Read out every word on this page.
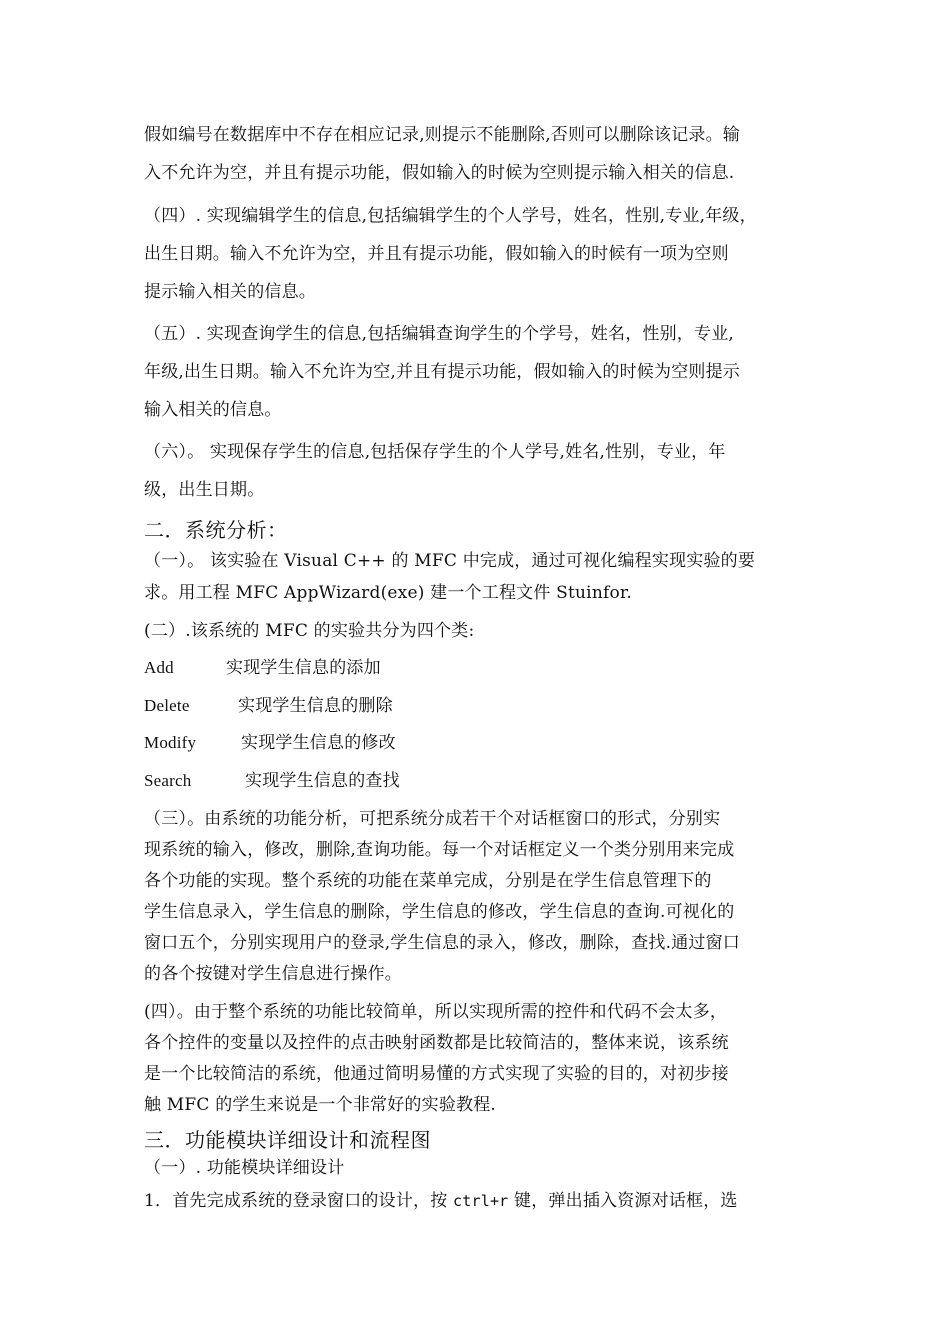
假如编号在数据库中不存在相应记录,则提示不能删除,否则可以删除该记录。输
入不允许为空，并且有提示功能，假如输入的时候为空则提示输入相关的信息.
（四）. 实现编辑学生的信息,包括编辑学生的个人学号，姓名，性别,专业,年级，
出生日期。输入不允许为空，并且有提示功能，假如输入的时候有一项为空则
提示输入相关的信息。
（五）. 实现查询学生的信息,包括编辑查询学生的个学号，姓名，性别，专业,
年级,出生日期。输入不允许为空,并且有提示功能，假如输入的时候为空则提示
输入相关的信息。
（六）。 实现保存学生的信息,包括保存学生的个人学号,姓名,性别，专业，年
级，出生日期。
二．系统分析：
（一）。 该实验在 Visual C++ 的 MFC 中完成，通过可视化编程实现实验的要
求。用工程 MFC AppWizard(exe) 建一个工程文件 Stuinfor.
(二）.该系统的 MFC 的实验共分为四个类:
Add	实现学生信息的添加
Delete	实现学生信息的删除
Modify	实现学生信息的修改
Search	实现学生信息的查找
（三）。由系统的功能分析，可把系统分成若干个对话框窗口的形式，分别实
现系统的输入，修改，删除,查询功能。每一个对话框定义一个类分别用来完成
各个功能的实现。整个系统的功能在菜单完成，分别是在学生信息管理下的
学生信息录入，学生信息的删除，学生信息的修改，学生信息的查询.可视化的
窗口五个，分别实现用户的登录,学生信息的录入，修改，删除，查找.通过窗口
的各个按键对学生信息进行操作。
(四）。由于整个系统的功能比较简单，所以实现所需的控件和代码不会太多，
各个控件的变量以及控件的点击映射函数都是比较简洁的，整体来说，该系统
是一个比较简洁的系统，他通过简明易懂的方式实现了实验的目的，对初步接
触 MFC 的学生来说是一个非常好的实验教程.
三．功能模块详细设计和流程图
（一）. 功能模块详细设计
1．首先完成系统的登录窗口的设计，按 ctrl+r 键，弹出插入资源对话框，选
